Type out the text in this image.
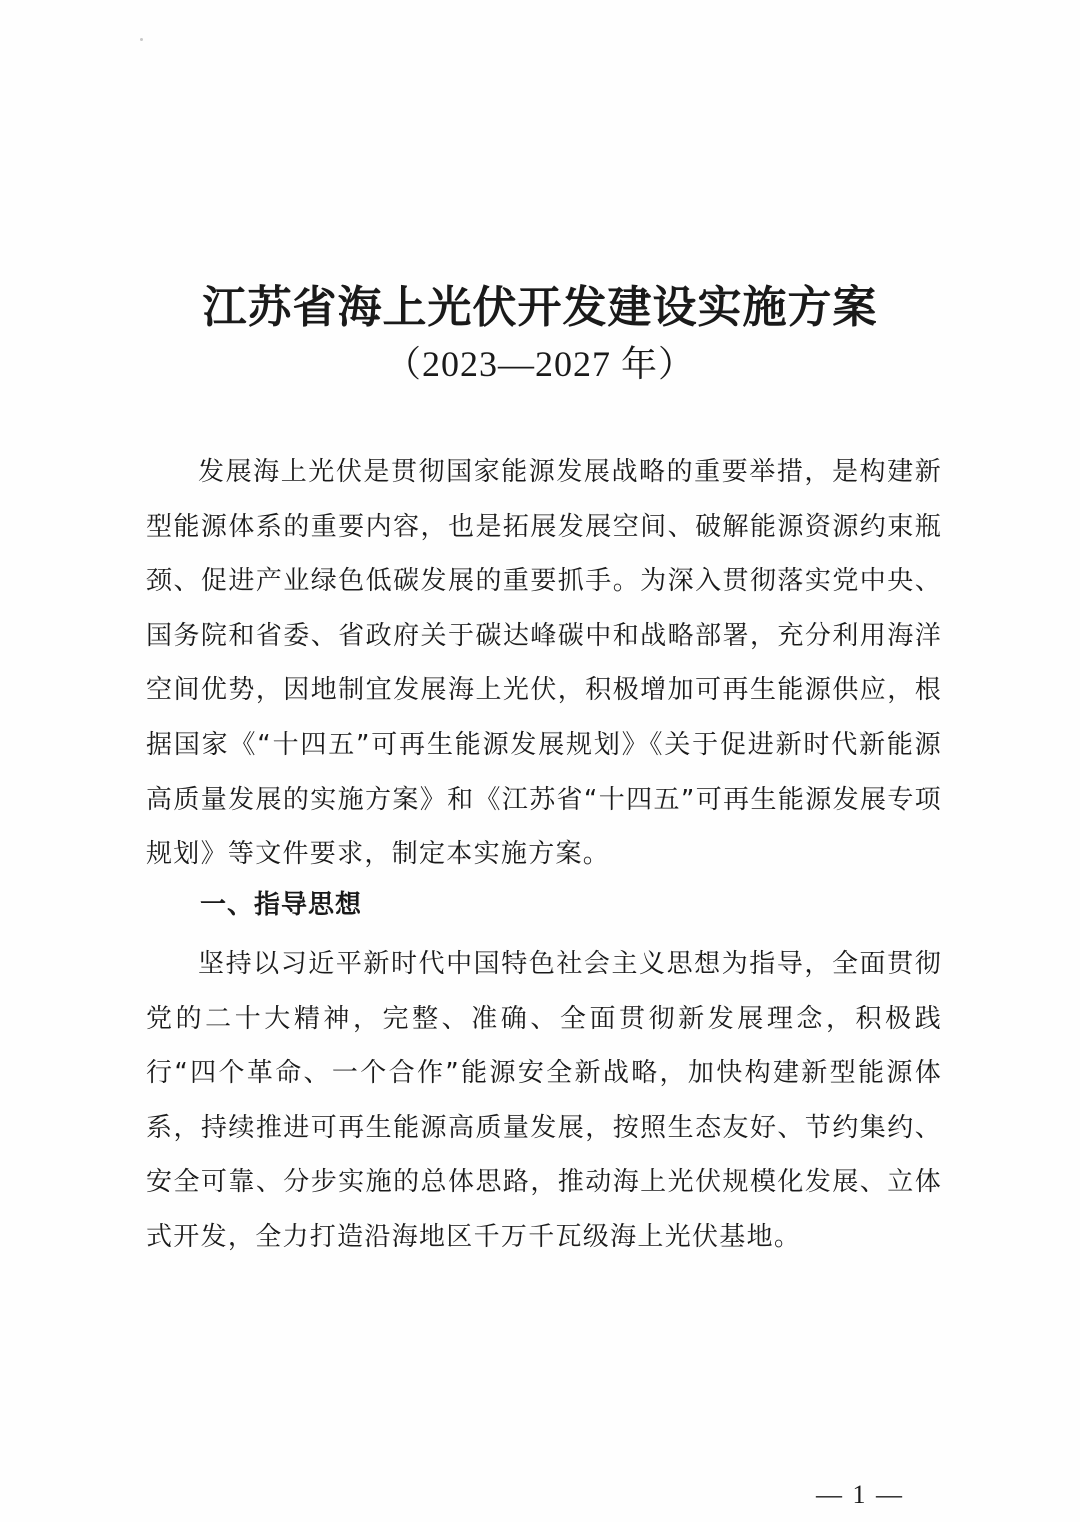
江苏省海上光伏开发建设实施方案
（2023—2027 年）

发展海上光伏是贯彻国家能源发展战略的重要举措，是构建新型能源体系的重要内容，也是拓展发展空间、破解能源资源约束瓶颈、促进产业绿色低碳发展的重要抓手。为深入贯彻落实党中央、国务院和省委、省政府关于碳达峰碳中和战略部署，充分利用海洋空间优势，因地制宜发展海上光伏，积极增加可再生能源供应，根据国家《“十四五”可再生能源发展规划》《关于促进新时代新能源高质量发展的实施方案》和《江苏省“十四五”可再生能源发展专项规划》等文件要求，制定本实施方案。

一、指导思想

坚持以习近平新时代中国特色社会主义思想为指导，全面贯彻党的二十大精神，完整、准确、全面贯彻新发展理念，积极践行“四个革命、一个合作”能源安全新战略，加快构建新型能源体系，持续推进可再生能源高质量发展，按照生态友好、节约集约、安全可靠、分步实施的总体思路，推动海上光伏规模化发展、立体式开发，全力打造沿海地区千万千瓦级海上光伏基地。

— 1 —
